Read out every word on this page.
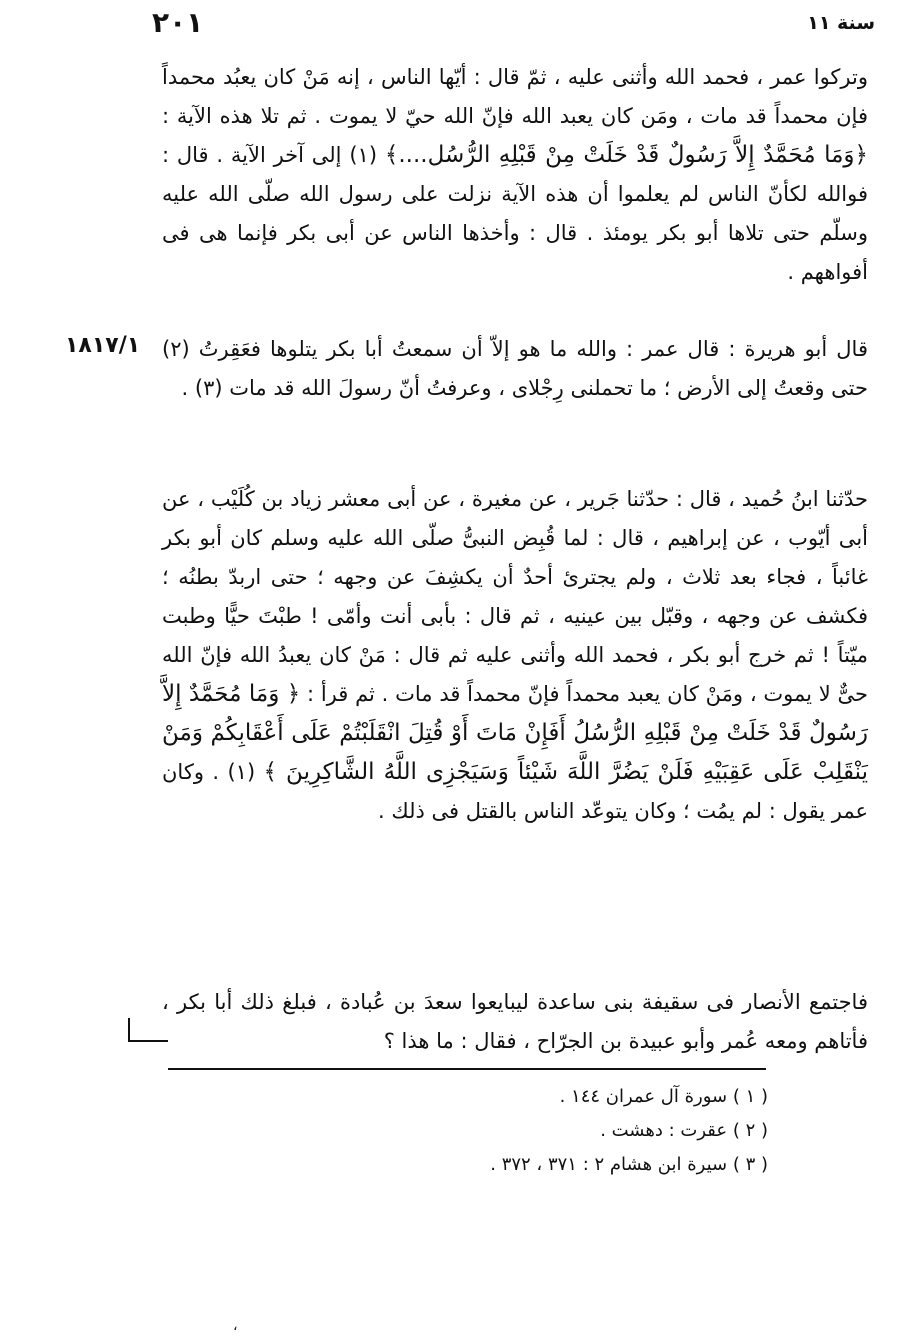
سنة ١١
٢٠١

وتركوا عمر ، فحمد الله وأثنى عليه ، ثمّ قال : أيّها الناس ، إنه مَنْ كان يعبُد محمداً فإن محمداً قد مات ، ومَن كان يعبد الله فإنّ الله حيّ لا يموت . ثم تلا هذه الآية : ﴿وَمَا مُحَمَّدٌ إِلاَّ رَسُولٌ قَدْ خَلَتْ مِنْ قَبْلِهِ الرُّسُل....﴾ (١) إلى آخر الآية . قال : فوالله لكأنّ الناس لم يعلموا أن هذه الآية نزلت على رسول الله صلّى الله عليه وسلّم حتى تلاها أبو بكر يومئذ . قال : وأخذها الناس عن أبى بكر فإنما هى فى أفواههم .

١٨١٧/١	قال أبو هريرة : قال عمر : والله ما هو إلاّ أن سمعتُ أبا بكر يتلوها فعَقِرتُ (٢) حتى وقعتُ إلى الأرض ؛ ما تحملنى رِجْلاى ، وعرفتُ أنّ رسولَ الله قد مات (٣) .

حدّثنا ابنُ حُميد ، قال : حدّثنا جَرير ، عن مغيرة ، عن أبى معشر زياد بن كُلَيْب ، عن أبى أيّوب ، عن إبراهيم ، قال : لما قُبِض النبىُّ صلّى الله عليه وسلم كان أبو بكر غائباً ، فجاء بعد ثلاث ، ولم يجترئ أحدٌ أن يكشِفَ عن وجهه ؛ حتى اربدّ بطنُه ؛ فكشف عن وجهه ، وقبّل بين عينيه ، ثم قال : بأبى أنت وأمّى ! طبْتَ حيًّا وطبت ميّتاً ! ثم خرج أبو بكر ، فحمد الله وأثنى عليه ثم قال : مَنْ كان يعبدُ الله فإنّ الله حىٌّ لا يموت ، ومَنْ كان يعبد محمداً فإنّ محمداً قد مات . ثم قرأ : ﴿ وَمَا مُحَمَّدٌ إِلاَّ رَسُولٌ قَدْ خَلَتْ مِنْ قَبْلِهِ الرُّسُلُ أَفَإِنْ مَاتَ أَوْ قُتِلَ انْقَلَبْتُمْ عَلَى أَعْقَابِكُمْ وَمَنْ يَنْقَلِبْ عَلَى عَقِبَيْهِ فَلَنْ يَضُرَّ اللَّهَ شَيْئاً وَسَيَجْزِى اللَّهُ الشَّاكِرِينَ ﴾ (١) . وكان عمر يقول : لم يمُت ؛ وكان يتوعّد الناس بالقتل فى ذلك .

فاجتمع الأنصار فى سقيفة بنى ساعدة ليبايعوا سعدَ بن عُبادة ، فبلغ ذلك أبا بكر ، فأتاهم ومعه عُمر وأبو عبيدة بن الجرّاح ، فقال : ما هذا ؟

( ١ ) سورة آل عمران ١٤٤ .
( ٢ ) عقرت : دهشت .
( ٣ ) سيرة ابن هشام ٢ : ٣٧١ ، ٣٧٢ .
،
